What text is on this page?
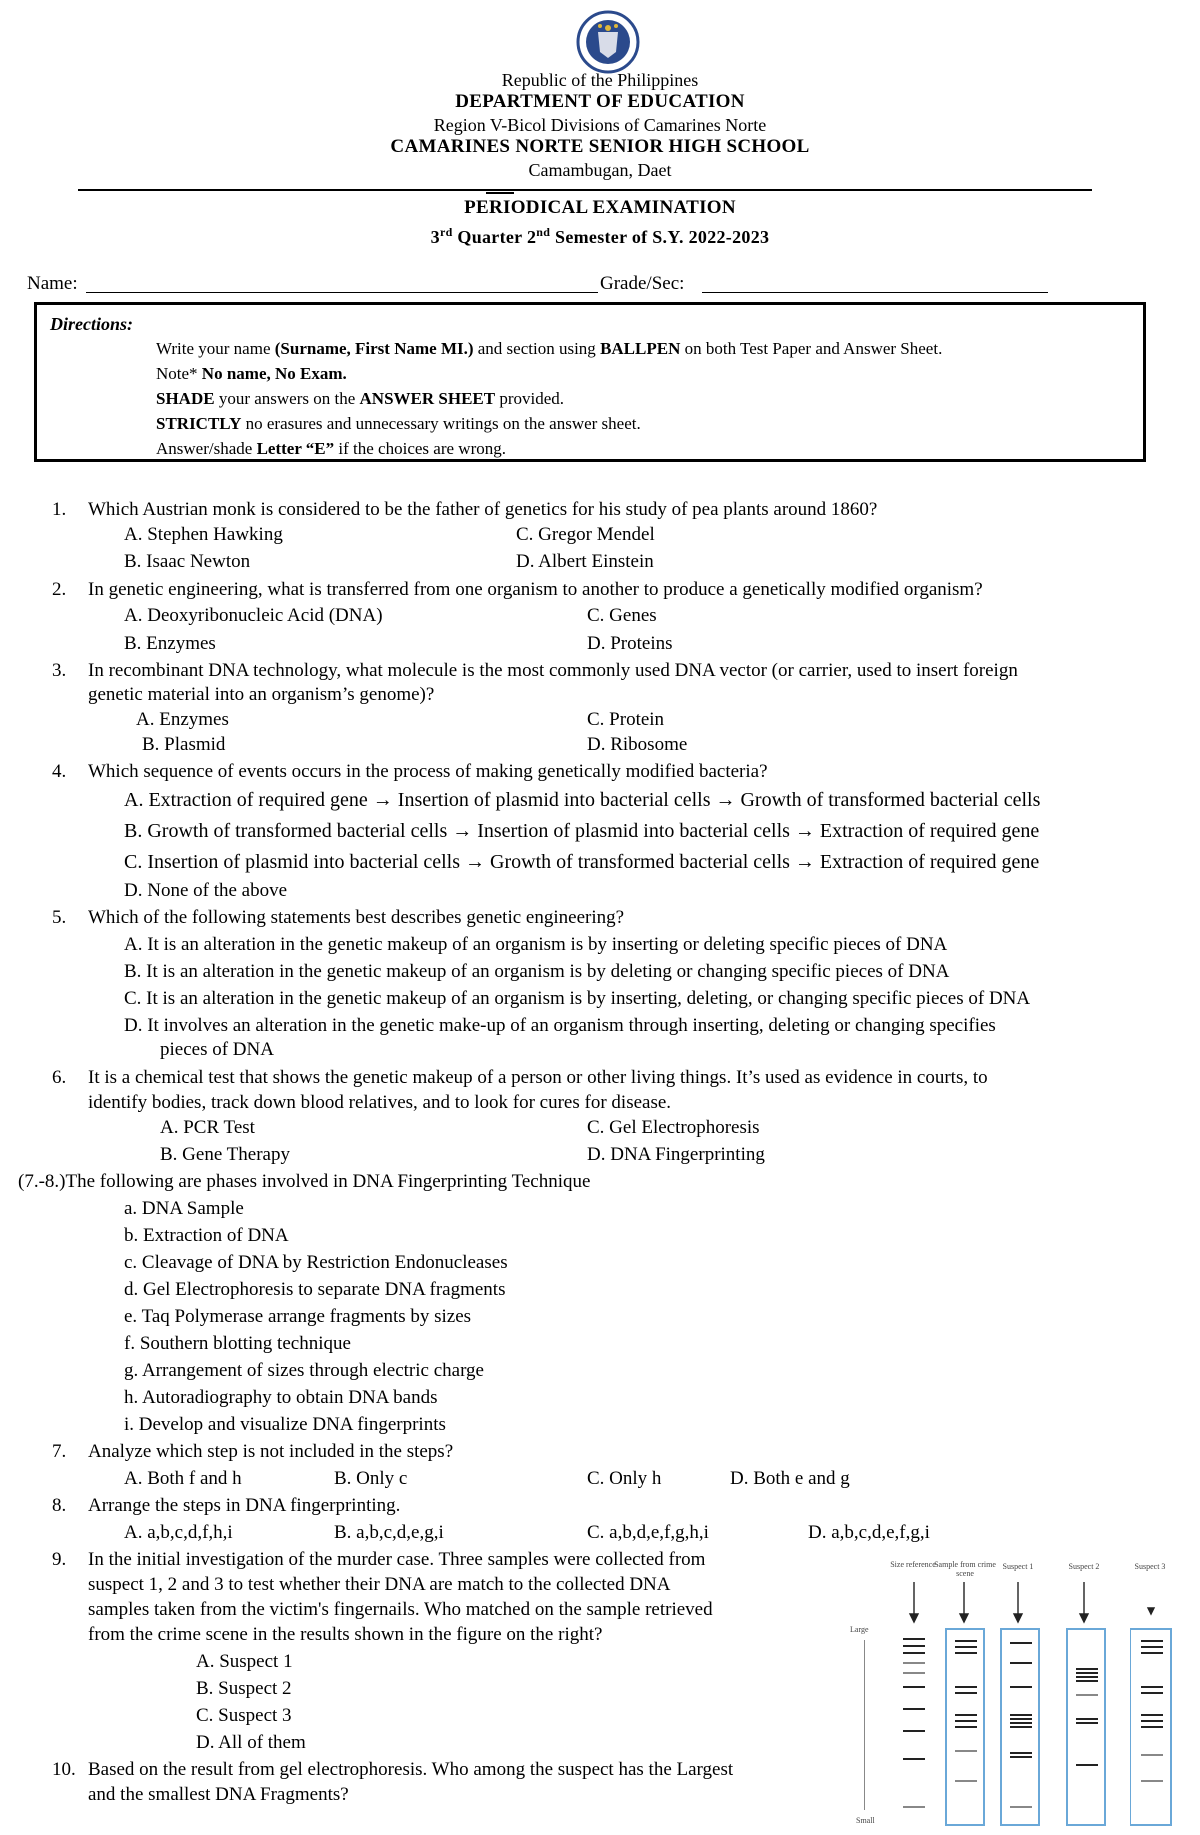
Republic of the Philippines
DEPARTMENT OF EDUCATION
Region V-Bicol Divisions of Camarines Norte
CAMARINES NORTE SENIOR HIGH SCHOOL
Camambugan, Daet
PERIODICAL EXAMINATION
3rd Quarter 2nd Semester of S.Y. 2022-2023
Name:	Grade/Sec:
Directions:
Write your name (Surname, First Name MI.) and section using BALLPEN on both Test Paper and Answer Sheet.
Note* No name, No Exam.
SHADE your answers on the ANSWER SHEET provided.
STRICTLY no erasures and unnecessary writings on the answer sheet.
Answer/shade Letter “E” if the choices are wrong.
1. Which Austrian monk is considered to be the father of genetics for his study of pea plants around 1860?
A. Stephen Hawking	C. Gregor Mendel
B. Isaac Newton	D. Albert Einstein
2. In genetic engineering, what is transferred from one organism to another to produce a genetically modified organism?
A. Deoxyribonucleic Acid (DNA)	C. Genes
B. Enzymes	D. Proteins
3. In recombinant DNA technology, what molecule is the most commonly used DNA vector (or carrier, used to insert foreign
genetic material into an organism’s genome)?
A. Enzymes	C. Protein
B. Plasmid	D. Ribosome
4. Which sequence of events occurs in the process of making genetically modified bacteria?
A. Extraction of required gene → Insertion of plasmid into bacterial cells → Growth of transformed bacterial cells
B. Growth of transformed bacterial cells → Insertion of plasmid into bacterial cells → Extraction of required gene
C. Insertion of plasmid into bacterial cells → Growth of transformed bacterial cells → Extraction of required gene
D. None of the above
5. Which of the following statements best describes genetic engineering?
A. It is an alteration in the genetic makeup of an organism is by inserting or deleting specific pieces of DNA
B. It is an alteration in the genetic makeup of an organism is by deleting or changing specific pieces of DNA
C. It is an alteration in the genetic makeup of an organism is by inserting, deleting, or changing specific pieces of DNA
D. It involves an alteration in the genetic make-up of an organism through inserting, deleting or changing specifies
pieces of DNA
6. It is a chemical test that shows the genetic makeup of a person or other living things. It’s used as evidence in courts, to
identify bodies, track down blood relatives, and to look for cures for disease.
A. PCR Test	C. Gel Electrophoresis
B. Gene Therapy	D. DNA Fingerprinting
(7.-8.)The following are phases involved in DNA Fingerprinting Technique
a. DNA Sample
b. Extraction of DNA
c. Cleavage of DNA by Restriction Endonucleases
d. Gel Electrophoresis to separate DNA fragments
e. Taq Polymerase arrange fragments by sizes
f. Southern blotting technique
g. Arrangement of sizes through electric charge
h. Autoradiography to obtain DNA bands
i. Develop and visualize DNA fingerprints
7. Analyze which step is not included in the steps?
A. Both f and h	B. Only c	C. Only h	D. Both e and g
8. Arrange the steps in DNA fingerprinting.
A. a,b,c,d,f,h,i	B. a,b,c,d,e,g,i	C. a,b,d,e,f,g,h,i	D. a,b,c,d,e,f,g,i
9. In the initial investigation of the murder case. Three samples were collected from
suspect 1, 2 and 3 to test whether their DNA are match to the collected DNA
samples taken from the victim's fingernails. Who matched on the sample retrieved
from the crime scene in the results shown in the figure on the right?
A. Suspect 1
B. Suspect 2
C. Suspect 3
D. All of them
10. Based on the result from gel electrophoresis. Who among the suspect has the Largest
and the smallest DNA Fragments?
Size reference
Sample from crime scene
Suspect 1	Suspect 2	Suspect 3
Large
Small
